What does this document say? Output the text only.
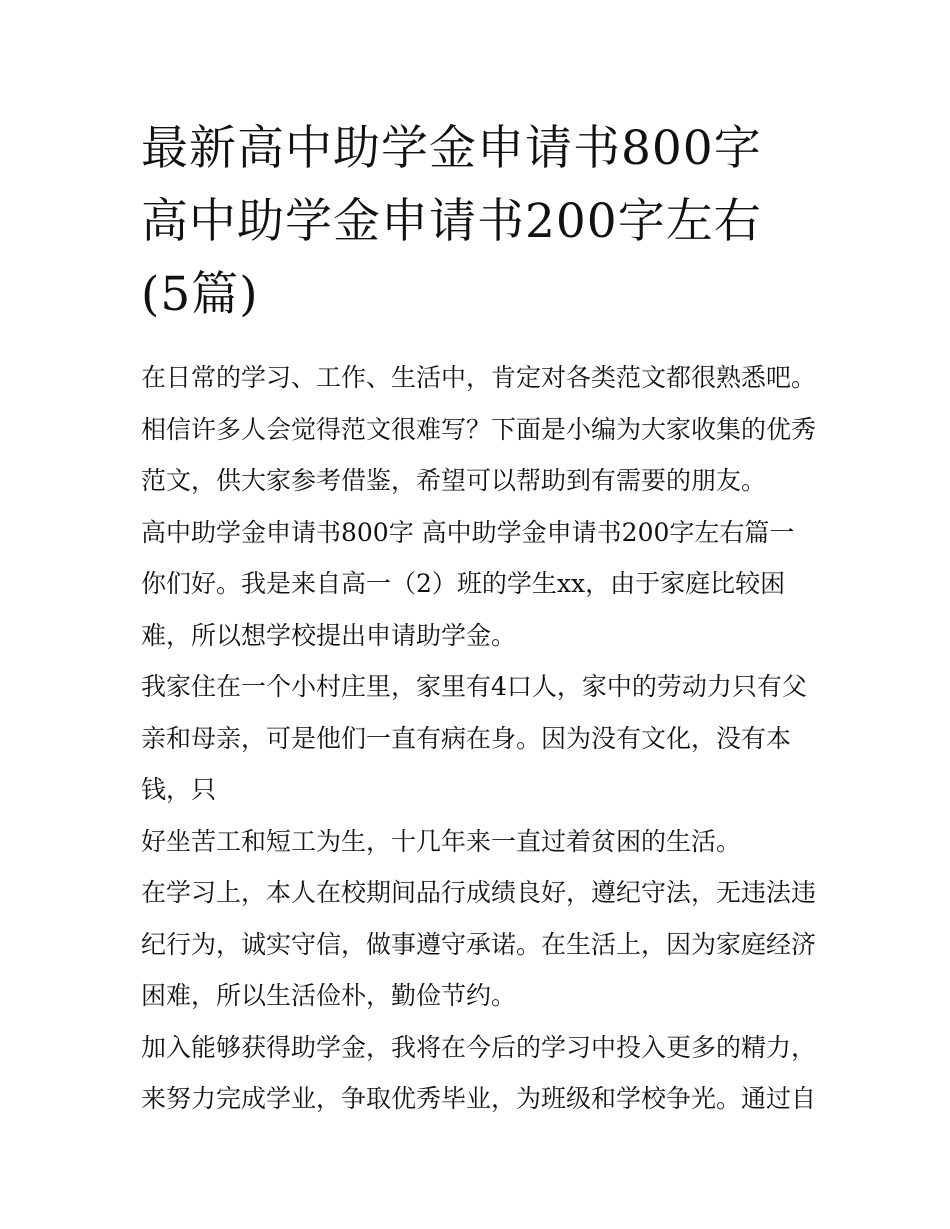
最新高中助学金申请书800字
高中助学金申请书200字左右
(5篇)

在日常的学习、工作、生活中，肯定对各类范文都很熟悉吧。

相信许多人会觉得范文很难写？下面是小编为大家收集的优秀

范文，供大家参考借鉴，希望可以帮助到有需要的朋友。

高中助学金申请书800字 高中助学金申请书200字左右篇一

你们好。我是来自高一（2）班的学生xx，由于家庭比较困

难，所以想学校提出申请助学金。

我家住在一个小村庄里，家里有4口人，家中的劳动力只有父

亲和母亲，可是他们一直有病在身。因为没有文化，没有本

钱，只

好坐苦工和短工为生，十几年来一直过着贫困的生活。

在学习上，本人在校期间品行成绩良好，遵纪守法，无违法违

纪行为，诚实守信，做事遵守承诺。在生活上，因为家庭经济

困难，所以生活俭朴，勤俭节约。

加入能够获得助学金，我将在今后的学习中投入更多的精力，

来努力完成学业，争取优秀毕业，为班级和学校争光。通过自
